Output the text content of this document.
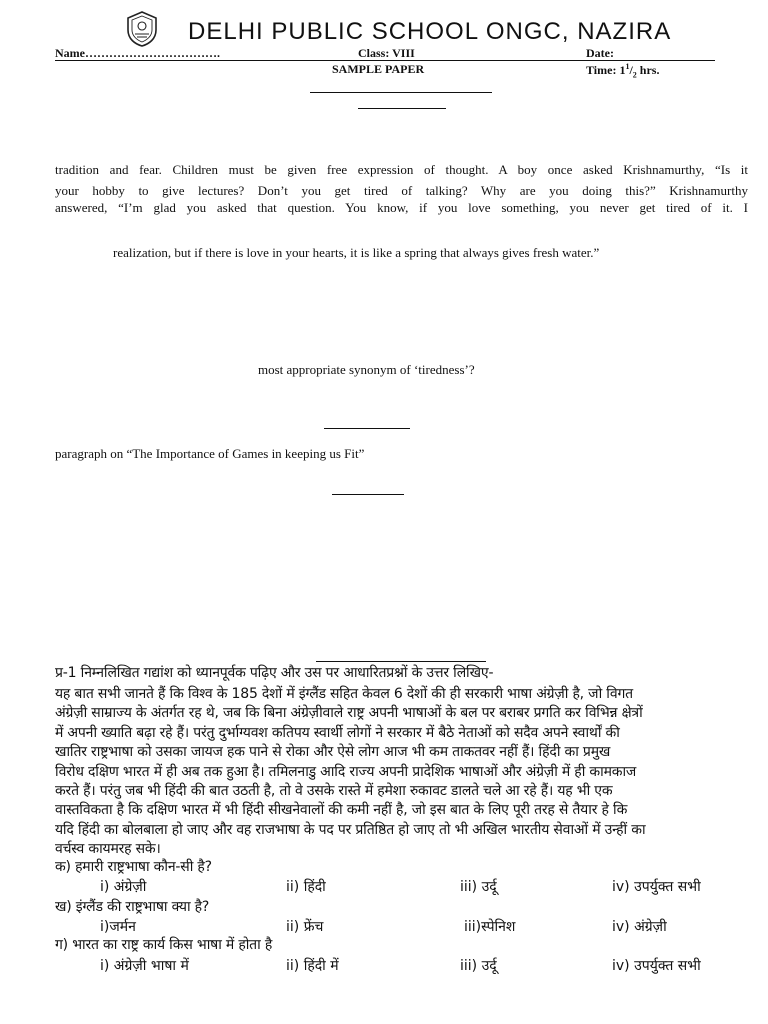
DELHI PUBLIC SCHOOL ONGC, NAZIRA
Name…………………………….	Class: VIII	Date:
SAMPLE PAPER	Time: $1^1/_2$ hrs.
tradition and fear. Children must be given free expression of thought. A boy once asked Krishnamurthy, “Is it
your hobby to give lectures? Don’t you get tired of talking? Why are you doing this?” Krishnamurthy
answered, “I’m glad you asked that question. You know, if you love something, you never get tired of it. I
realization, but if there is love in your hearts, it is like a spring that always gives fresh water.”
most appropriate synonym of ‘tiredness’?
paragraph on “The Importance of Games in keeping us Fit”
प्र-1 निम्नलिखित गद्यांश को ध्यानपूर्वक पढ़िए और उस पर आधारितप्रश्नों के उत्तर लिखिए-
यह बात सभी जानते हैं कि विश्व के 185 देशों में इंग्लैंड सहित केवल 6 देशों की ही सरकारी भाषा अंग्रेज़ी है, जो विगत
अंग्रेज़ी साम्राज्य के अंतर्गत रह थे, जब कि बिना अंग्रेज़ीवाले राष्ट्र अपनी भाषाओं के बल पर बराबर प्रगति कर विभिन्न क्षेत्रों
में अपनी ख्याति बढ़ा रहे हैं। परंतु दुर्भाग्यवश कतिपय स्वार्थी लोगों ने सरकार में बैठे नेताओं को सदैव अपने स्वार्थों की
खातिर राष्ट्रभाषा को उसका जायज हक पाने से रोका और ऐसे लोग आज भी कम ताकतवर नहीं हैं। हिंदी का प्रमुख
विरोध दक्षिण भारत में ही अब तक हुआ है। तमिलनाडु आदि राज्य अपनी प्रादेशिक भाषाओं और अंग्रेज़ी में ही कामकाज
करते हैं। परंतु जब भी हिंदी की बात उठती है, तो वे उसके रास्ते में हमेशा रुकावट डालते चले आ रहे हैं। यह भी एक
वास्तविकता है कि दक्षिण भारत में भी हिंदी सीखनेवालों की कमी नहीं है, जो इस बात के लिए पूरी तरह से तैयार हे कि
यदि हिंदी का बोलबाला हो जाए और वह राजभाषा के पद पर प्रतिष्ठित हो जाए तो भी अखिल भारतीय सेवाओं में उन्हीं का
वर्चस्व कायमरह सके।
क) हमारी राष्ट्रभाषा कौन-सी है?
i) अंग्रेज़ी	ii) हिंदी	iii) उर्दू	iv) उपर्युक्त सभी
ख) इंग्लैंड की राष्ट्रभाषा क्या है?
i)जर्मन	ii) फ्रेंच	iii)स्पेनिश	iv) अंग्रेज़ी
ग) भारत का राष्ट्र कार्य किस भाषा में होता है
i) अंग्रेज़ी भाषा में	ii) हिंदी में	iii) उर्दू	iv) उपर्युक्त सभी
